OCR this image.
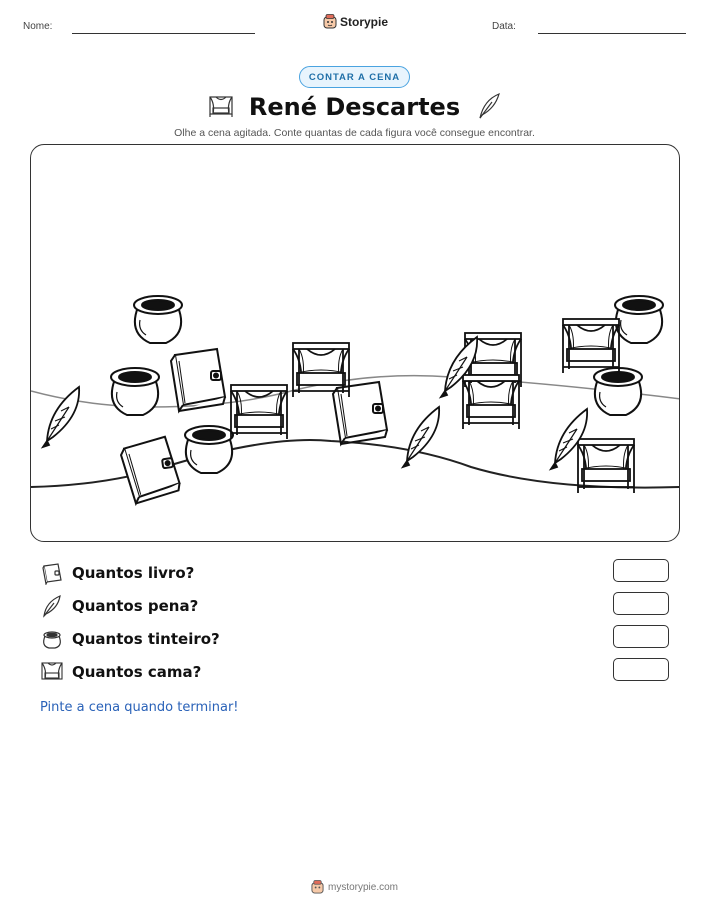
Nome:	Storypie	Data:
CONTAR A CENA
René Descartes
Olhe a cena agitada. Conte quantas de cada figura você consegue encontrar.
Quantos livro?
Quantos pena?
Quantos tinteiro?
Quantos cama?
Pinte a cena quando terminar!
mystorypie.com
